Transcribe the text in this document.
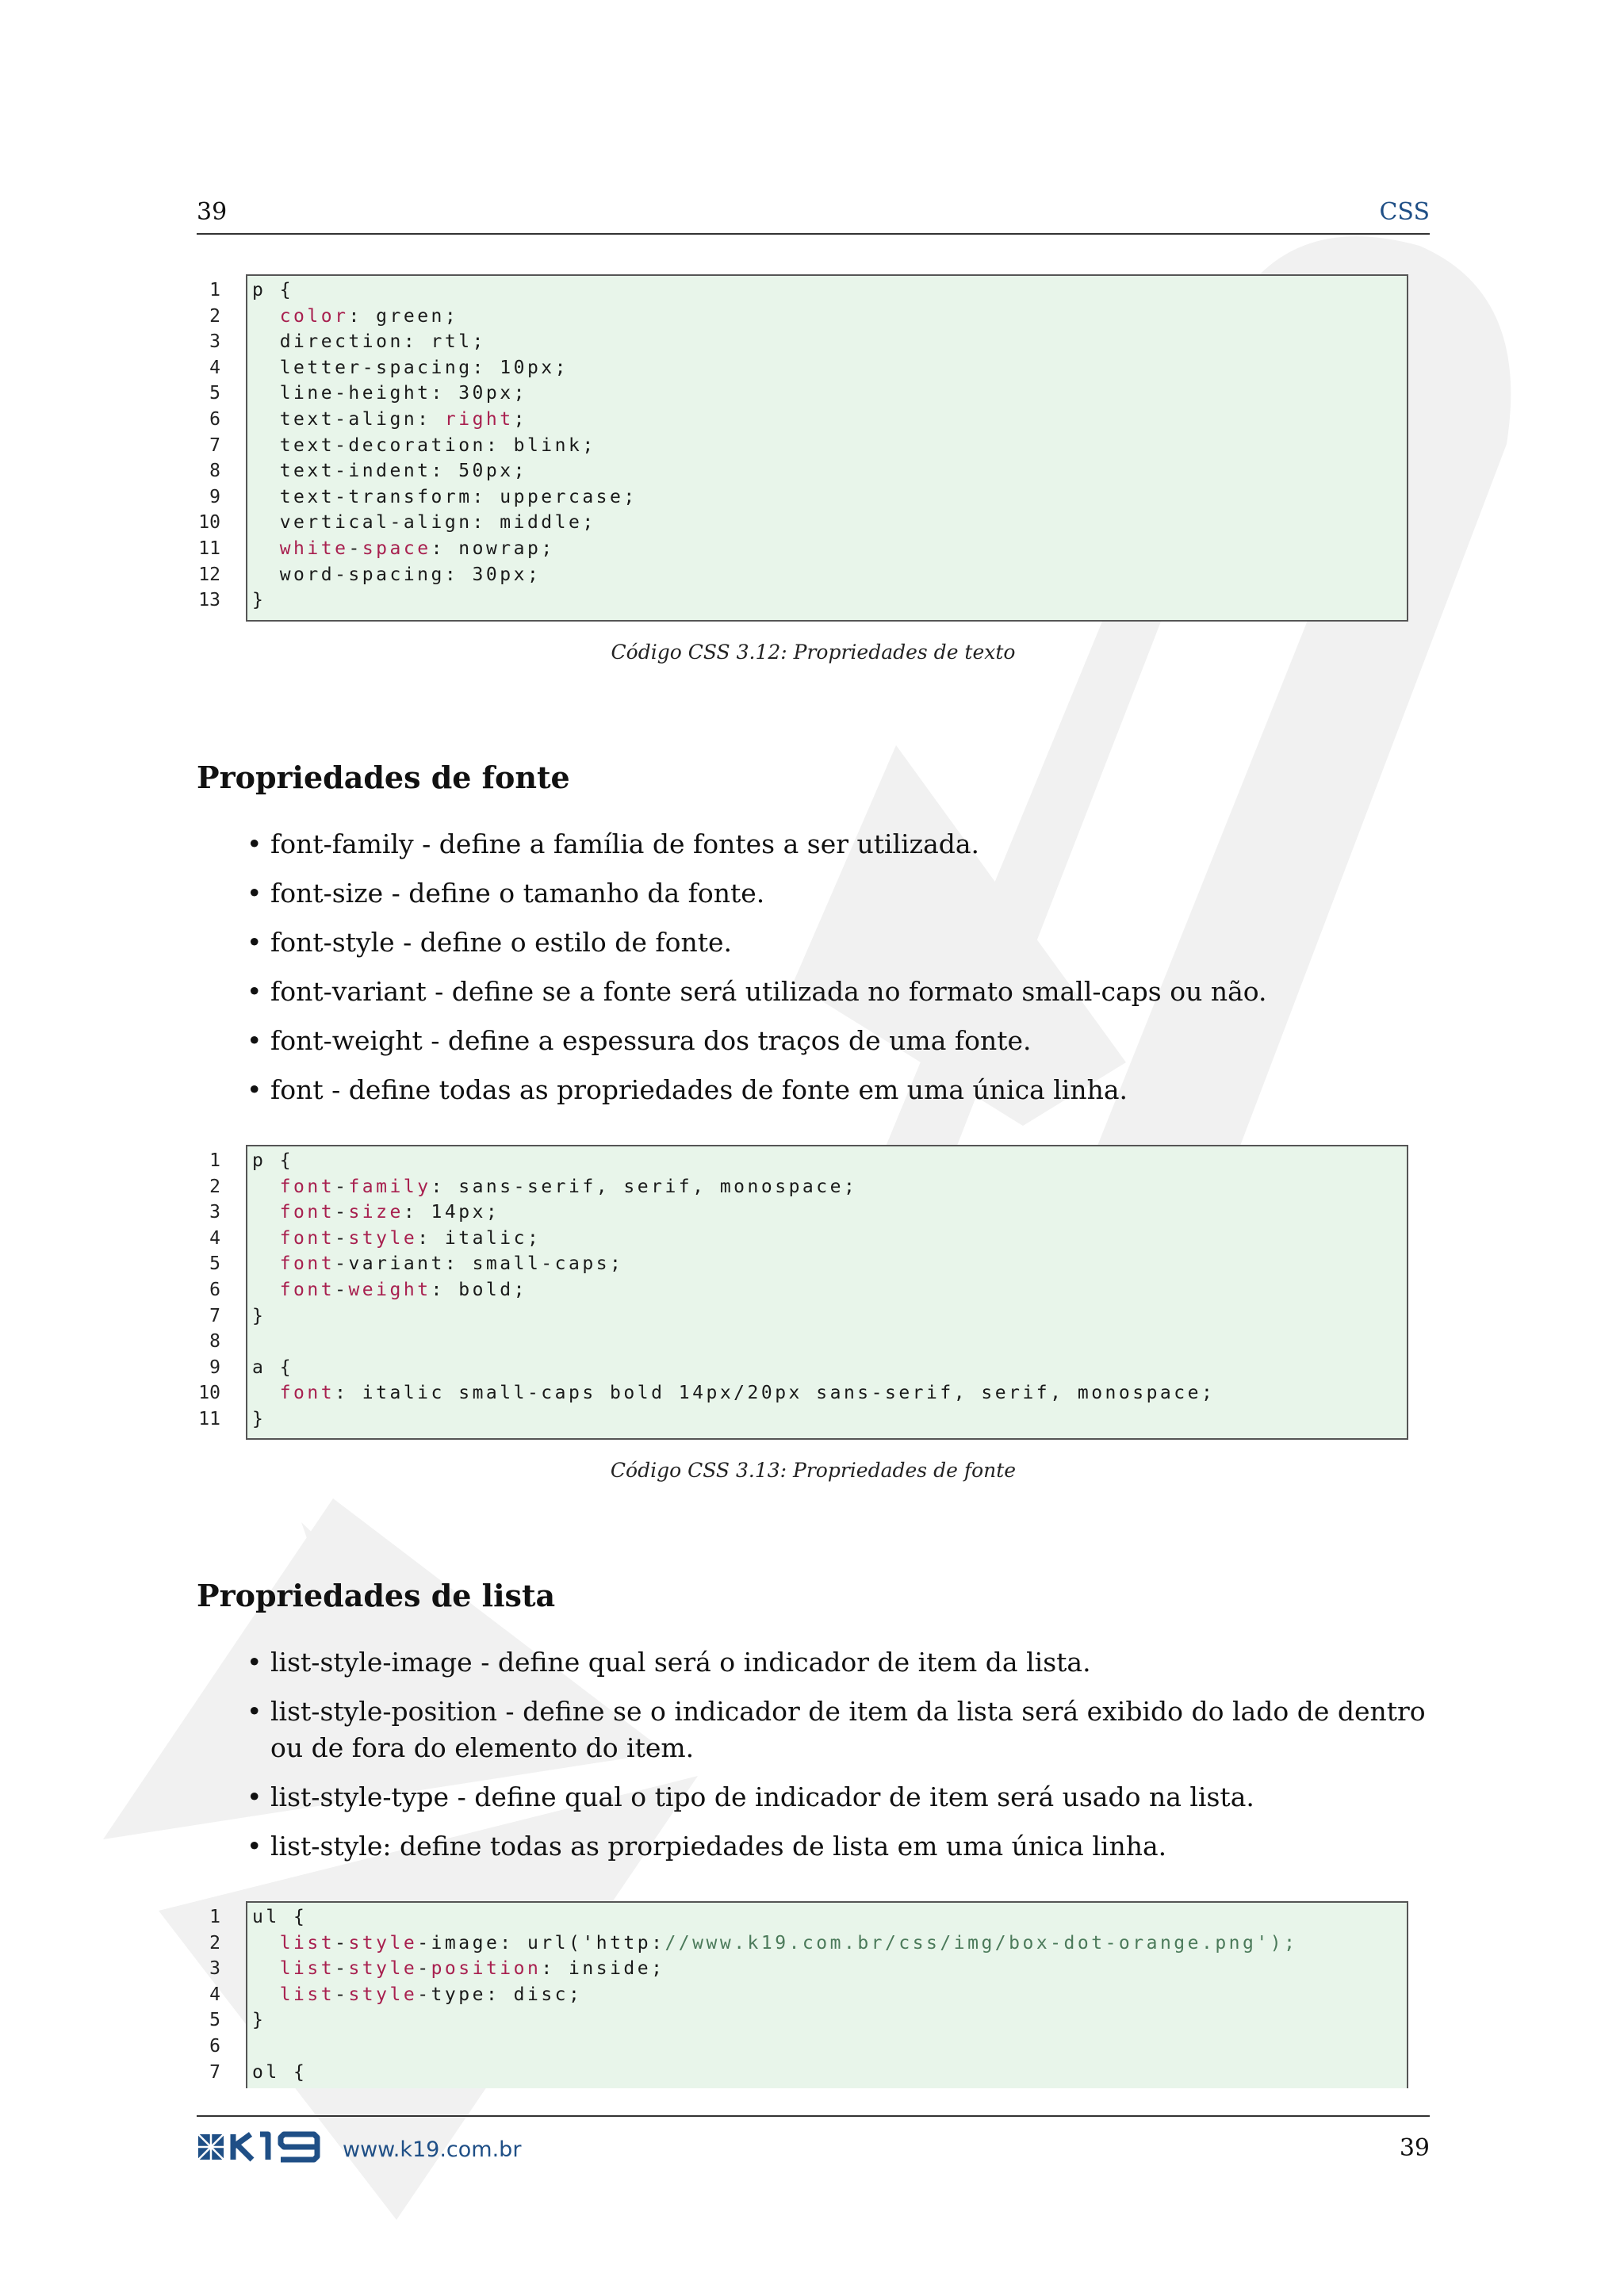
39	CSS
1
2
3
4
5
6
7
8
9
10
11
12
13
p {
color: green;
direction: rtl;
letter-spacing: 10px;
line-height: 30px;
text-align: right;
text-decoration: blink;
text-indent: 50px;
text-transform: uppercase;
vertical-align: middle;
white-space: nowrap;
word-spacing: 30px;
}
Código CSS 3.12: Propriedades de texto
Propriedades de fonte
• font-family - define a família de fontes a ser utilizada.
• font-size - define o tamanho da fonte.
• font-style - define o estilo de fonte.
• font-variant - define se a fonte será utilizada no formato small-caps ou não.
• font-weight - define a espessura dos traços de uma fonte.
• font - define todas as propriedades de fonte em uma única linha.
1
2
3
4
5
6
7
8
9
10
11
p {
font-family: sans-serif, serif, monospace;
font-size: 14px;
font-style: italic;
font-variant: small-caps;
font-weight: bold;
}

a {
font: italic small-caps bold 14px/20px sans-serif, serif, monospace;
}
Código CSS 3.13: Propriedades de fonte
Propriedades de lista
• list-style-image - define qual será o indicador de item da lista.
• list-style-position - define se o indicador de item da lista será exibido do lado de dentro ou de fora do elemento do item.
• list-style-type - define qual o tipo de indicador de item será usado na lista.
• list-style: define todas as prorpiedades de lista em uma única linha.
1
2
3
4
5
6
7
ul {
list-style-image: url('http://www.k19.com.br/css/img/box-dot-orange.png');
list-style-position: inside;
list-style-type: disc;
}

ol {
www.k19.com.br	39
